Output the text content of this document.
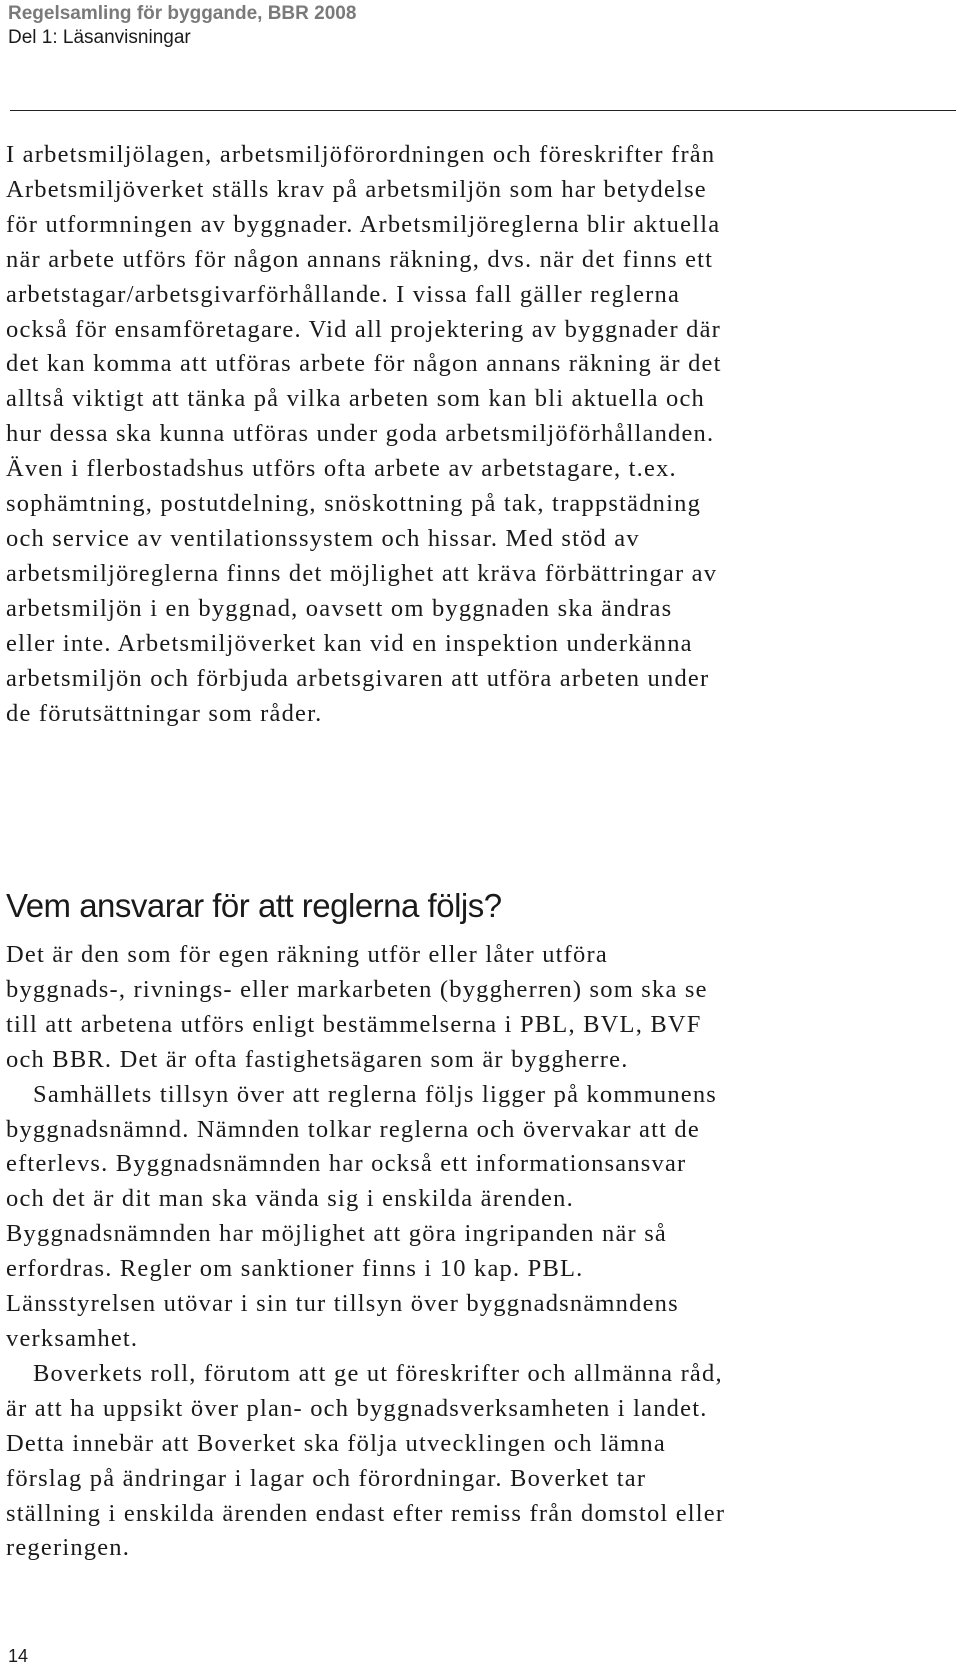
Regelsamling för byggande, BBR 2008
Del 1: Läsanvisningar

I arbetsmiljölagen, arbetsmiljöförordningen och föreskrifter från Arbetsmiljöverket ställs krav på arbetsmiljön som har betydelse för utformningen av byggnader. Arbetsmiljöreglerna blir aktuella när arbete utförs för någon annans räkning, dvs. när det finns ett arbetstagar/arbetsgivarförhållande. I vissa fall gäller reglerna också för ensamföretagare. Vid all projektering av byggnader där det kan komma att utföras arbete för någon annans räkning är det alltså viktigt att tänka på vilka arbeten som kan bli aktuella och hur dessa ska kunna utföras under goda arbetsmiljöförhållanden. Även i flerbostadshus utförs ofta arbete av arbetstagare, t.ex. sophämtning, postutdelning, snöskottning på tak, trappstädning och service av ventilationssystem och hissar. Med stöd av arbetsmiljöreglerna finns det möjlighet att kräva förbättringar av arbetsmiljön i en byggnad, oavsett om byggnaden ska ändras eller inte. Arbetsmiljöverket kan vid en inspektion underkänna arbetsmiljön och förbjuda arbetsgivaren att utföra arbeten under de förutsättningar som råder.

Vem ansvarar för att reglerna följs?

Det är den som för egen räkning utför eller låter utföra byggnads-, rivnings- eller markarbeten (byggherren) som ska se till att arbetena utförs enligt bestämmelserna i PBL, BVL, BVF och BBR. Det är ofta fastighetsägaren som är byggherre.

Samhällets tillsyn över att reglerna följs ligger på kommunens byggnadsnämnd. Nämnden tolkar reglerna och övervakar att de efterlevs. Byggnadsnämnden har också ett informationsansvar och det är dit man ska vända sig i enskilda ärenden. Byggnadsnämnden har möjlighet att göra ingripanden när så erfordras. Regler om sanktioner finns i 10 kap. PBL. Länsstyrelsen utövar i sin tur tillsyn över byggnadsnämndens verksamhet.

Boverkets roll, förutom att ge ut föreskrifter och allmänna råd, är att ha uppsikt över plan- och byggnadsverksamheten i landet. Detta innebär att Boverket ska följa utvecklingen och lämna förslag på ändringar i lagar och förordningar. Boverket tar ställning i enskilda ärenden endast efter remiss från domstol eller regeringen.

14
